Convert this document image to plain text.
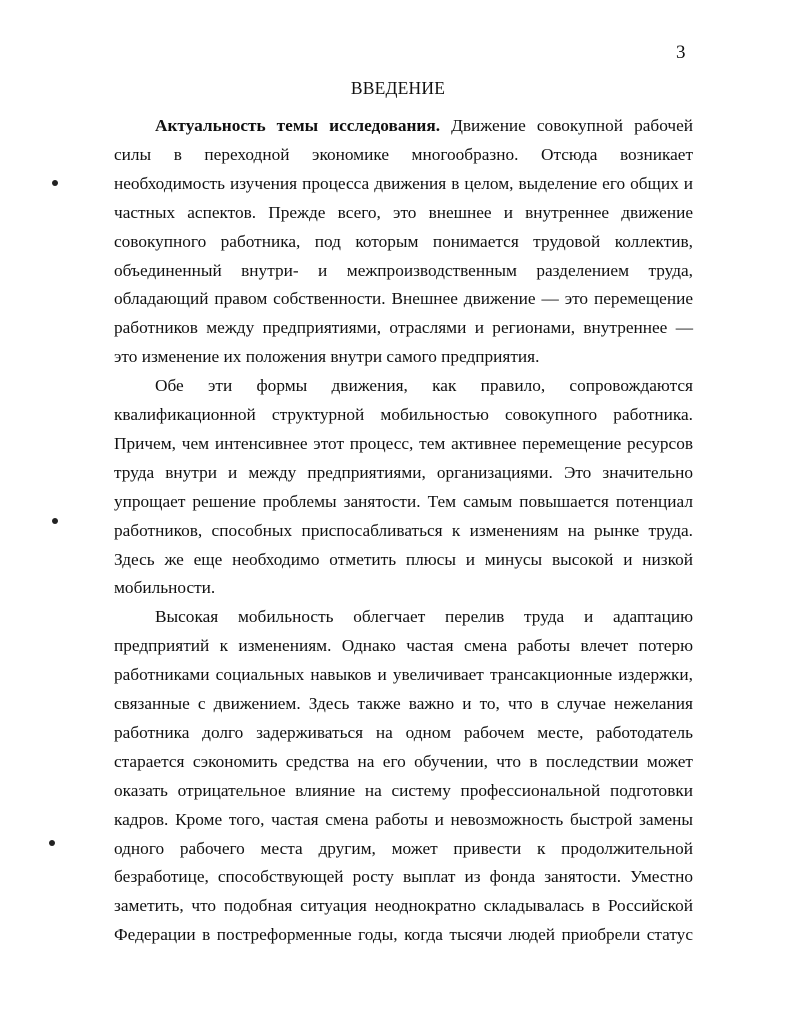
3
ВВЕДЕНИЕ
Актуальность темы исследования. Движение совокупной рабочей
силы в переходной экономике многообразно. Отсюда возникает
необходимость изучения процесса движения в целом, выделение его общих и
частных аспектов. Прежде всего, это внешнее и внутреннее движение
совокупного работника, под которым понимается трудовой коллектив,
объединенный внутри- и межпроизводственным разделением труда,
обладающий правом собственности. Внешнее движение — это перемещение
работников между предприятиями, отраслями и регионами, внутреннее —
это изменение их положения внутри самого предприятия.
Обе эти формы движения, как правило, сопровождаются
квалификационной структурной мобильностью совокупного работника.
Причем, чем интенсивнее этот процесс, тем активнее перемещение ресурсов
труда внутри и между предприятиями, организациями. Это значительно
упрощает решение проблемы занятости. Тем самым повышается потенциал
работников, способных приспосабливаться к изменениям на рынке труда.
Здесь же еще необходимо отметить плюсы и минусы высокой и низкой
мобильности.
Высокая мобильность облегчает перелив труда и адаптацию
предприятий к изменениям. Однако частая смена работы влечет потерю
работниками социальных навыков и увеличивает трансакционные издержки,
связанные с движением. Здесь также важно и то, что в случае нежелания
работника долго задерживаться на одном рабочем месте, работодатель
старается сэкономить средства на его обучении, что в последствии может
оказать отрицательное влияние на систему профессиональной подготовки
кадров. Кроме того, частая смена работы и невозможность быстрой замены
одного рабочего места другим, может привести к продолжительной
безработице, способствующей росту выплат из фонда занятости. Уместно
заметить, что подобная ситуация неоднократно складывалась в Российской
Федерации в постреформенные годы, когда тысячи людей приобрели статус
